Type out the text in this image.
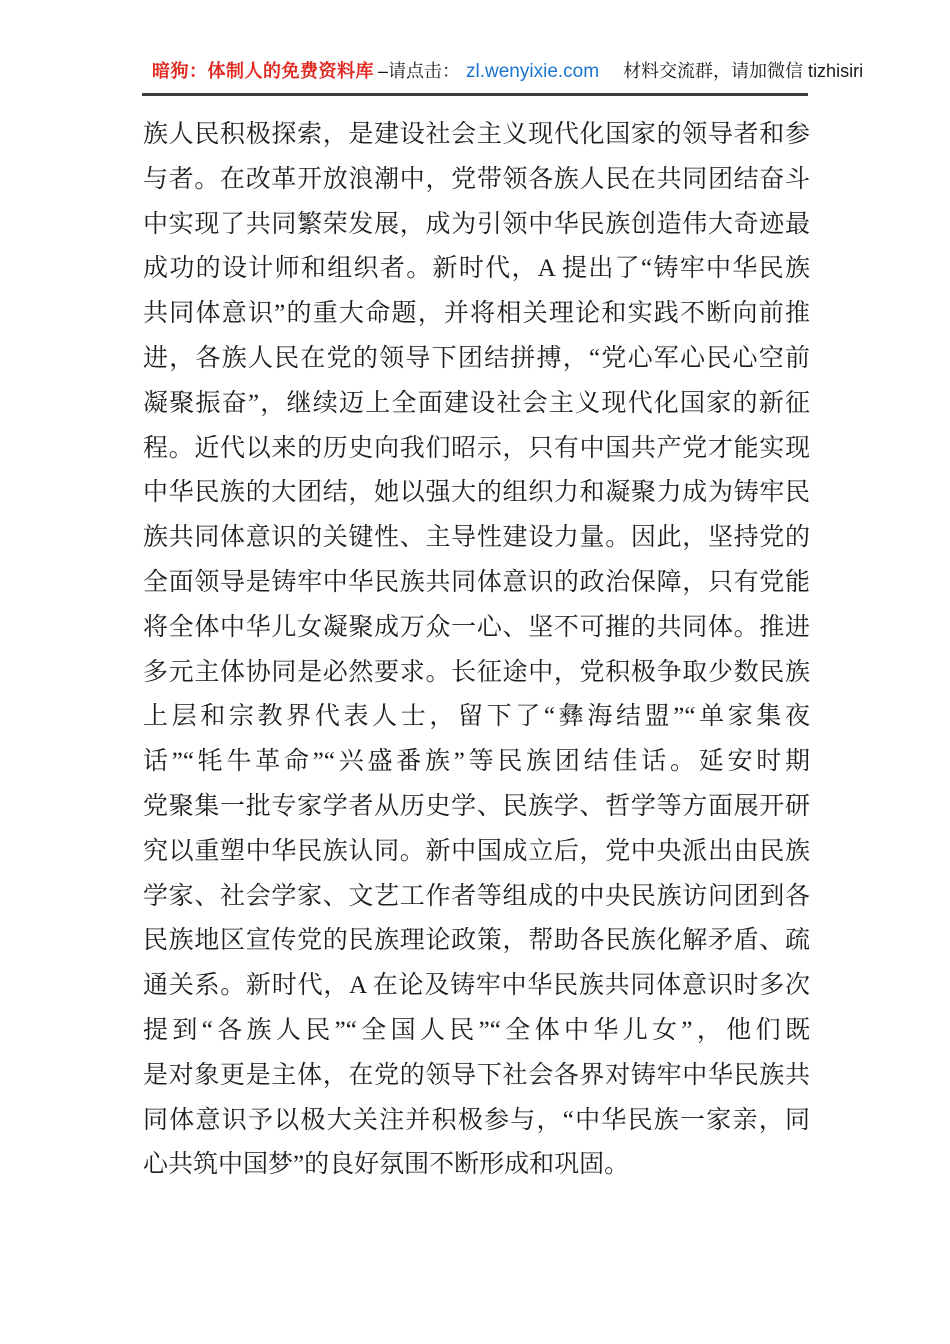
暗狗：体制人的免费资料库 –请点击： zl.wenyixie.com 材料交流群，请加微信 tizhisiri

族人民积极探索，是建设社会主义现代化国家的领导者和参

与者。在改革开放浪潮中，党带领各族人民在共同团结奋斗

中实现了共同繁荣发展，成为引领中华民族创造伟大奇迹最

成功的设计师和组织者。新时代，A 提出了“铸牢中华民族

共同体意识”的重大命题，并将相关理论和实践不断向前推

进，各族人民在党的领导下团结拼搏，“党心军心民心空前

凝聚振奋”，继续迈上全面建设社会主义现代化国家的新征

程。近代以来的历史向我们昭示，只有中国共产党才能实现

中华民族的大团结，她以强大的组织力和凝聚力成为铸牢民

族共同体意识的关键性、主导性建设力量。因此，坚持党的

全面领导是铸牢中华民族共同体意识的政治保障，只有党能

将全体中华儿女凝聚成万众一心、坚不可摧的共同体。推进

多元主体协同是必然要求。长征途中，党积极争取少数民族

上层和宗教界代表人士，留下了“彝海结盟”“单家集夜

话”“牦牛革命”“兴盛番族”等民族团结佳话。延安时期

党聚集一批专家学者从历史学、民族学、哲学等方面展开研

究以重塑中华民族认同。新中国成立后，党中央派出由民族

学家、社会学家、文艺工作者等组成的中央民族访问团到各

民族地区宣传党的民族理论政策，帮助各民族化解矛盾、疏

通关系。新时代，A 在论及铸牢中华民族共同体意识时多次

提到“各族人民”“全国人民”“全体中华儿女”，他们既

是对象更是主体，在党的领导下社会各界对铸牢中华民族共

同体意识予以极大关注并积极参与，“中华民族一家亲，同

心共筑中国梦”的良好氛围不断形成和巩固。
